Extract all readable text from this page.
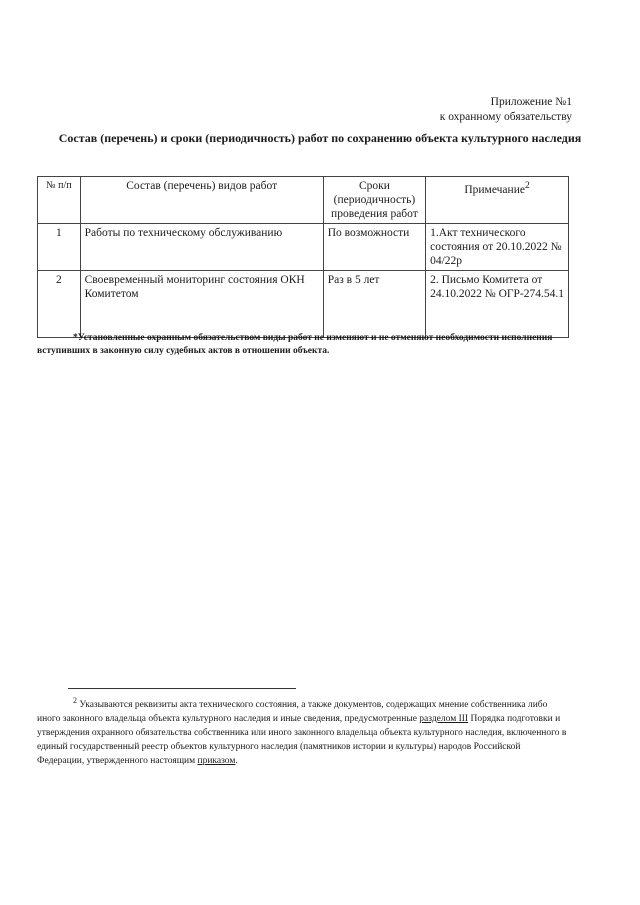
Приложение №1
к охранному обязательству
Состав (перечень) и сроки (периодичность) работ по сохранению объекта культурного наследия
№ п/п	Состав (перечень) видов работ	Сроки (периодичность) проведения работ	Примечание$^2$
1	Работы по техническому обслуживанию	По возможности	1.Акт технического состояния от 20.10.2022 № 04/22р
2	Своевременный мониторинг состояния ОКН Комитетом	Раз в 5 лет	2. Письмо Комитета от 24.10.2022 № ОГР-274.54.1
*Установленные охранным обязательством виды работ не изменяют и не отменяют необходимости исполнения вступивших в законную силу судебных актов в отношении объекта.
$^2$ Указываются реквизиты акта технического состояния, а также документов, содержащих мнение собственника либо иного законного владельца объекта культурного наследия и иные сведения, предусмотренные разделом III Порядка подготовки и утверждения охранного обязательства собственника или иного законного владельца объекта культурного наследия, включенного в единый государственный реестр объектов культурного наследия (памятников истории и культуры) народов Российской Федерации, утвержденного настоящим приказом.
